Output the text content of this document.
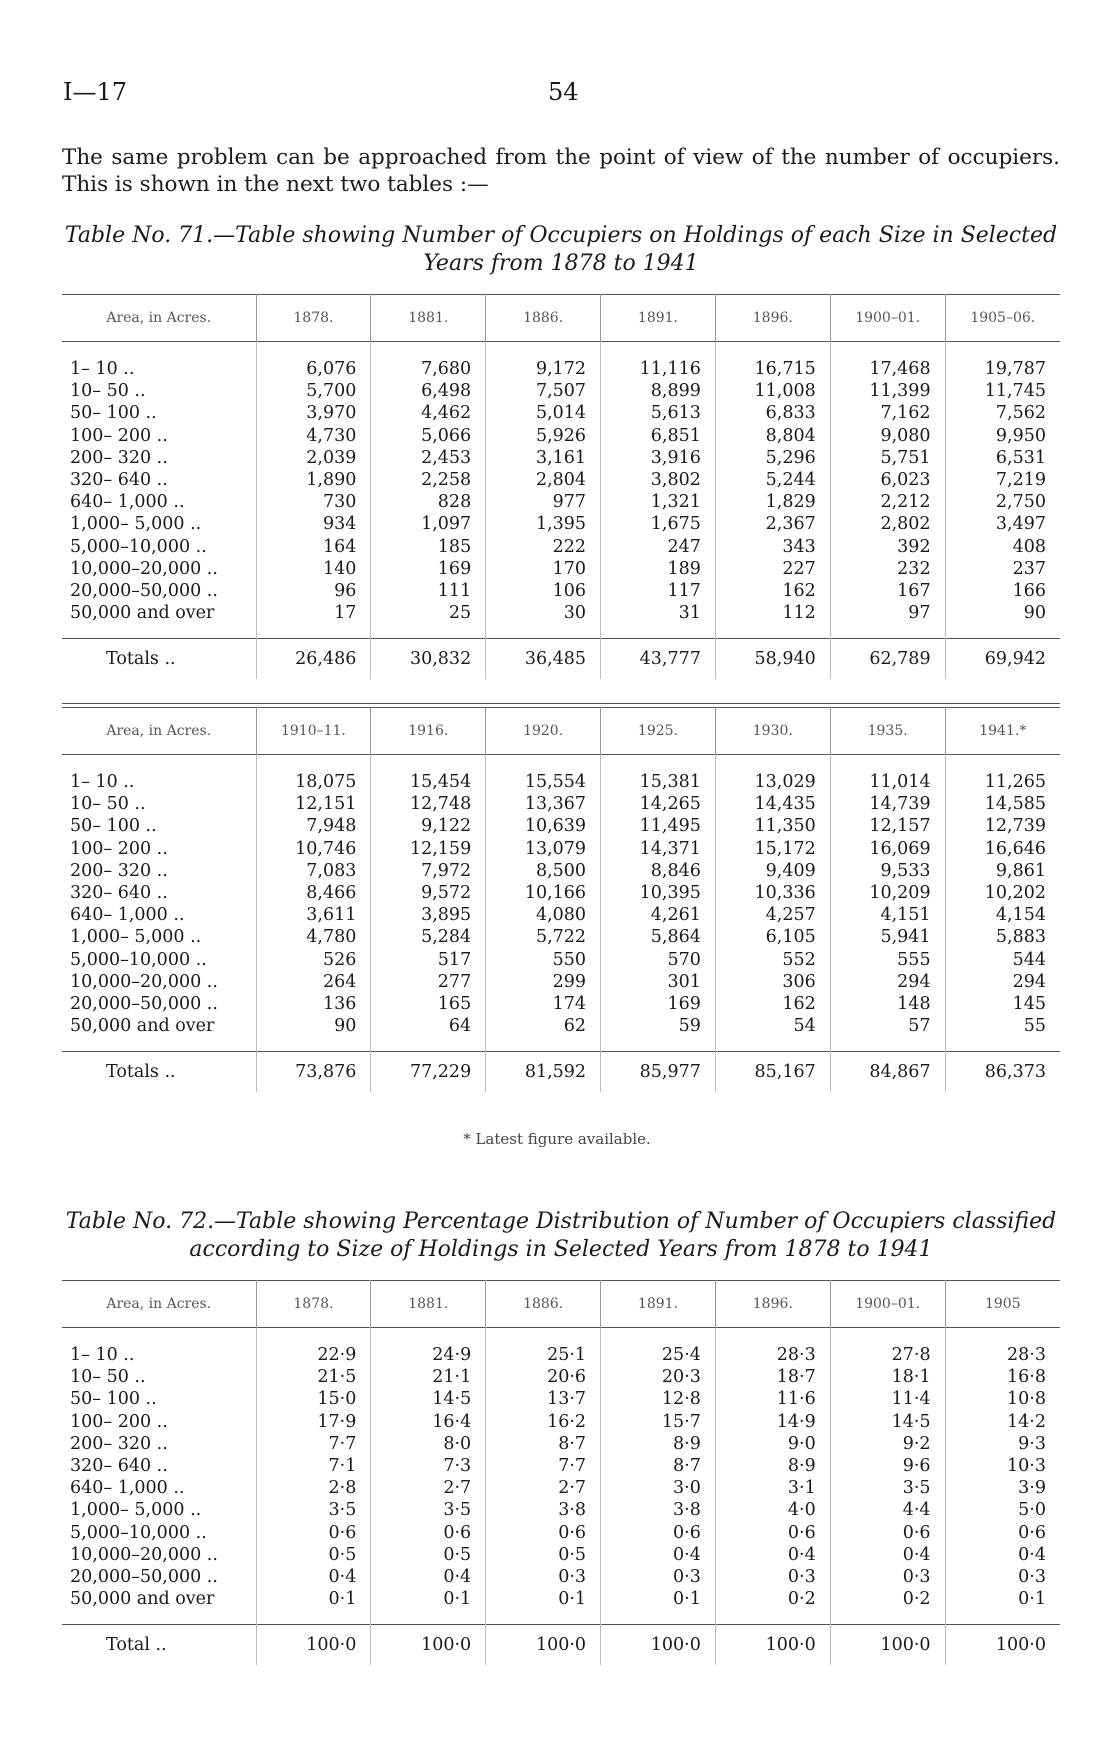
I—17	54

The same problem can be approached from the point of view of the number of occupiers. This is shown in the next two tables :—

Table No. 71.—Table showing Number of Occupiers on Holdings of each Size in Selected
Years from 1878 to 1941
Area, in Acres.	1878.	1881.	1886.	1891.	1896.	1900–01.	1905–06.

1– 10 ..	6,076	7,680	9,172	11,116	16,715	17,468	19,787
10– 50 ..	5,700	6,498	7,507	8,899	11,008	11,399	11,745
50– 100 ..	3,970	4,462	5,014	5,613	6,833	7,162	7,562
100– 200 ..	4,730	5,066	5,926	6,851	8,804	9,080	9,950
200– 320 ..	2,039	2,453	3,161	3,916	5,296	5,751	6,531
320– 640 ..	1,890	2,258	2,804	3,802	5,244	6,023	7,219
640– 1,000 ..	730	828	977	1,321	1,829	2,212	2,750
1,000– 5,000 ..	934	1,097	1,395	1,675	2,367	2,802	3,497
5,000–10,000 ..	164	185	222	247	343	392	408
10,000–20,000 ..	140	169	170	189	227	232	237
20,000–50,000 ..	96	111	106	117	162	167	166
50,000 and over	17	25	30	31	112	97	90

Totals ..	26,486	30,832	36,485	43,777	58,940	62,789	69,942
Area, in Acres.	1910–11.	1916.	1920.	1925.	1930.	1935.	1941.*

1– 10 ..	18,075	15,454	15,554	15,381	13,029	11,014	11,265
10– 50 ..	12,151	12,748	13,367	14,265	14,435	14,739	14,585
50– 100 ..	7,948	9,122	10,639	11,495	11,350	12,157	12,739
100– 200 ..	10,746	12,159	13,079	14,371	15,172	16,069	16,646
200– 320 ..	7,083	7,972	8,500	8,846	9,409	9,533	9,861
320– 640 ..	8,466	9,572	10,166	10,395	10,336	10,209	10,202
640– 1,000 ..	3,611	3,895	4,080	4,261	4,257	4,151	4,154
1,000– 5,000 ..	4,780	5,284	5,722	5,864	6,105	5,941	5,883
5,000–10,000 ..	526	517	550	570	552	555	544
10,000–20,000 ..	264	277	299	301	306	294	294
20,000–50,000 ..	136	165	174	169	162	148	145
50,000 and over	90	64	62	59	54	57	55

Totals ..	73,876	77,229	81,592	85,977	85,167	84,867	86,373
* Latest figure available.
Table No. 72.—Table showing Percentage Distribution of Number of Occupiers classified
according to Size of Holdings in Selected Years from 1878 to 1941
Area, in Acres.	1878.	1881.	1886.	1891.	1896.	1900–01.	1905

1– 10 ..	22·9	24·9	25·1	25·4	28·3	27·8	28·3
10– 50 ..	21·5	21·1	20·6	20·3	18·7	18·1	16·8
50– 100 ..	15·0	14·5	13·7	12·8	11·6	11·4	10·8
100– 200 ..	17·9	16·4	16·2	15·7	14·9	14·5	14·2
200– 320 ..	7·7	8·0	8·7	8·9	9·0	9·2	9·3
320– 640 ..	7·1	7·3	7·7	8·7	8·9	9·6	10·3
640– 1,000 ..	2·8	2·7	2·7	3·0	3·1	3·5	3·9
1,000– 5,000 ..	3·5	3·5	3·8	3·8	4·0	4·4	5·0
5,000–10,000 ..	0·6	0·6	0·6	0·6	0·6	0·6	0·6
10,000–20,000 ..	0·5	0·5	0·5	0·4	0·4	0·4	0·4
20,000–50,000 ..	0·4	0·4	0·3	0·3	0·3	0·3	0·3
50,000 and over	0·1	0·1	0·1	0·1	0·2	0·2	0·1

Total ..	100·0	100·0	100·0	100·0	100·0	100·0	100·0
